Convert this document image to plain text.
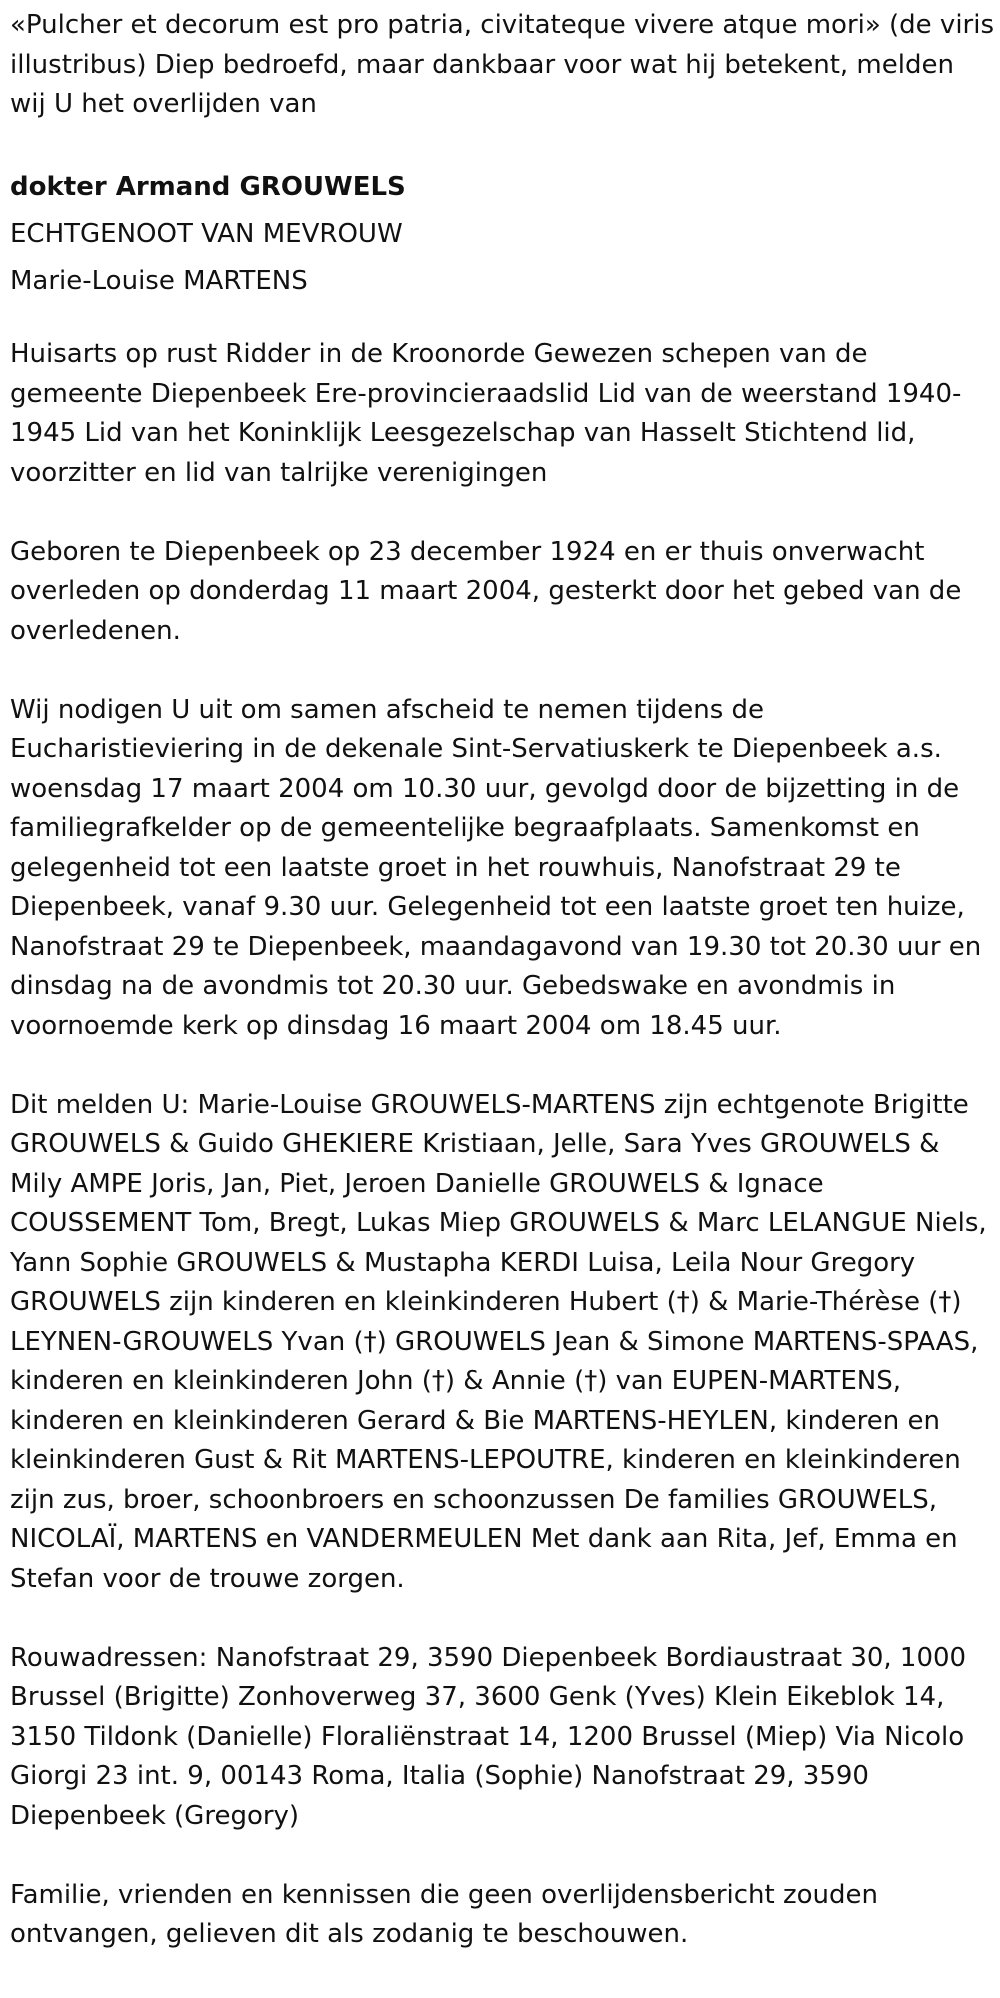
«Pulcher et decorum est pro patria, civitateque vivere atque mori» (de viris illustribus) Diep bedroefd, maar dankbaar voor wat hij betekent, melden wij U het overlijden van

dokter Armand GROUWELS

ECHTGENOOT VAN MEVROUW

Marie-Louise MARTENS

Huisarts op rust Ridder in de Kroonorde Gewezen schepen van de gemeente Diepenbeek Ere-provincieraadslid Lid van de weerstand 1940-1945 Lid van het Koninklijk Leesgezelschap van Hasselt Stichtend lid, voorzitter en lid van talrijke verenigingen

Geboren te Diepenbeek op 23 december 1924 en er thuis onverwacht overleden op donderdag 11 maart 2004, gesterkt door het gebed van de overledenen.

Wij nodigen U uit om samen afscheid te nemen tijdens de Eucharistieviering in de dekenale Sint-Servatiuskerk te Diepenbeek a.s. woensdag 17 maart 2004 om 10.30 uur, gevolgd door de bijzetting in de familiegrafkelder op de gemeentelijke begraafplaats. Samenkomst en gelegenheid tot een laatste groet in het rouwhuis, Nanofstraat 29 te Diepenbeek, vanaf 9.30 uur. Gelegenheid tot een laatste groet ten huize, Nanofstraat 29 te Diepenbeek, maandagavond van 19.30 tot 20.30 uur en dinsdag na de avondmis tot 20.30 uur. Gebedswake en avondmis in voornoemde kerk op dinsdag 16 maart 2004 om 18.45 uur.

Dit melden U: Marie-Louise GROUWELS-MARTENS zijn echtgenote Brigitte GROUWELS & Guido GHEKIERE Kristiaan, Jelle, Sara Yves GROUWELS & Mily AMPE Joris, Jan, Piet, Jeroen Danielle GROUWELS & Ignace COUSSEMENT Tom, Bregt, Lukas Miep GROUWELS & Marc LELANGUE Niels, Yann Sophie GROUWELS & Mustapha KERDI Luisa, Leila Nour Gregory GROUWELS zijn kinderen en kleinkinderen Hubert (†) & Marie-Thérèse (†) LEYNEN-GROUWELS Yvan (†) GROUWELS Jean & Simone MARTENS-SPAAS, kinderen en kleinkinderen John (†) & Annie (†) van EUPEN-MARTENS, kinderen en kleinkinderen Gerard & Bie MARTENS-HEYLEN, kinderen en kleinkinderen Gust & Rit MARTENS-LEPOUTRE, kinderen en kleinkinderen zijn zus, broer, schoonbroers en schoonzussen De families GROUWELS, NICOLAÏ, MARTENS en VANDERMEULEN Met dank aan Rita, Jef, Emma en Stefan voor de trouwe zorgen.

Rouwadressen: Nanofstraat 29, 3590 Diepenbeek Bordiaustraat 30, 1000 Brussel (Brigitte) Zonhoverweg 37, 3600 Genk (Yves) Klein Eikeblok 14, 3150 Tildonk (Danielle) Floraliënstraat 14, 1200 Brussel (Miep) Via Nicolo Giorgi 23 int. 9, 00143 Roma, Italia (Sophie) Nanofstraat 29, 3590 Diepenbeek (Gregory)

Familie, vrienden en kennissen die geen overlijdensbericht zouden ontvangen, gelieven dit als zodanig te beschouwen.
